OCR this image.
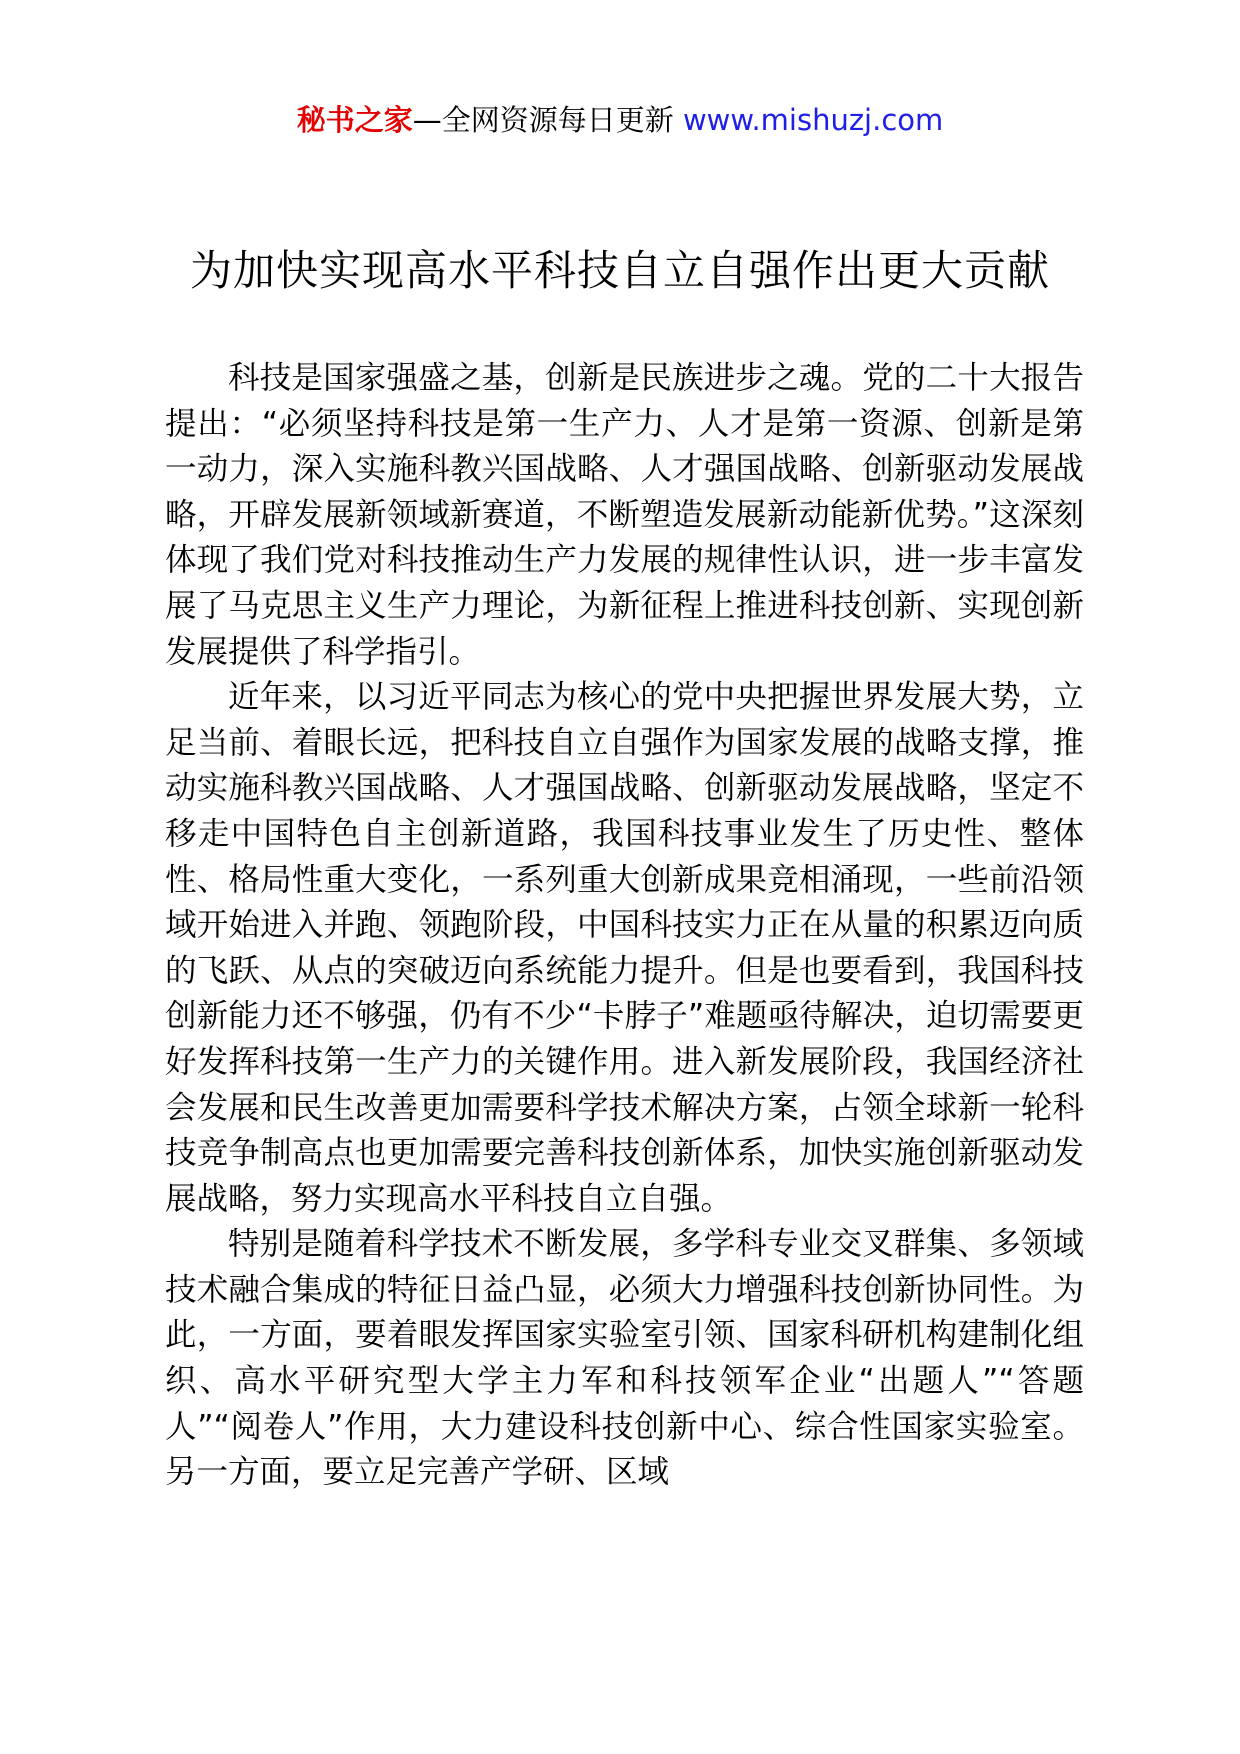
秘书之家—全网资源每日更新 www.mishuzj.com
为加快实现高水平科技自立自强作出更大贡献

科技是国家强盛之基，创新是民族进步之魂。党的二十大报告提出：“必须坚持科技是第一生产力、人才是第一资源、创新是第一动力，深入实施科教兴国战略、人才强国战略、创新驱动发展战略，开辟发展新领域新赛道，不断塑造发展新动能新优势。”这深刻体现了我们党对科技推动生产力发展的规律性认识，进一步丰富发展了马克思主义生产力理论，为新征程上推进科技创新、实现创新发展提供了科学指引。

近年来，以习近平同志为核心的党中央把握世界发展大势，立足当前、着眼长远，把科技自立自强作为国家发展的战略支撑，推动实施科教兴国战略、人才强国战略、创新驱动发展战略，坚定不移走中国特色自主创新道路，我国科技事业发生了历史性、整体性、格局性重大变化，一系列重大创新成果竞相涌现，一些前沿领域开始进入并跑、领跑阶段，中国科技实力正在从量的积累迈向质的飞跃、从点的突破迈向系统能力提升。但是也要看到，我国科技创新能力还不够强，仍有不少“卡脖子”难题亟待解决，迫切需要更好发挥科技第一生产力的关键作用。进入新发展阶段，我国经济社会发展和民生改善更加需要科学技术解决方案，占领全球新一轮科技竞争制高点也更加需要完善科技创新体系，加快实施创新驱动发展战略，努力实现高水平科技自立自强。

特别是随着科学技术不断发展，多学科专业交叉群集、多领域技术融合集成的特征日益凸显，必须大力增强科技创新协同性。为此，一方面，要着眼发挥国家实验室引领、国家科研机构建制化组织、高水平研究型大学主力军和科技领军企业“出题人”“答题人”“阅卷人”作用，大力建设科技创新中心、综合性国家实验室。另一方面，要立足完善产学研、区域
